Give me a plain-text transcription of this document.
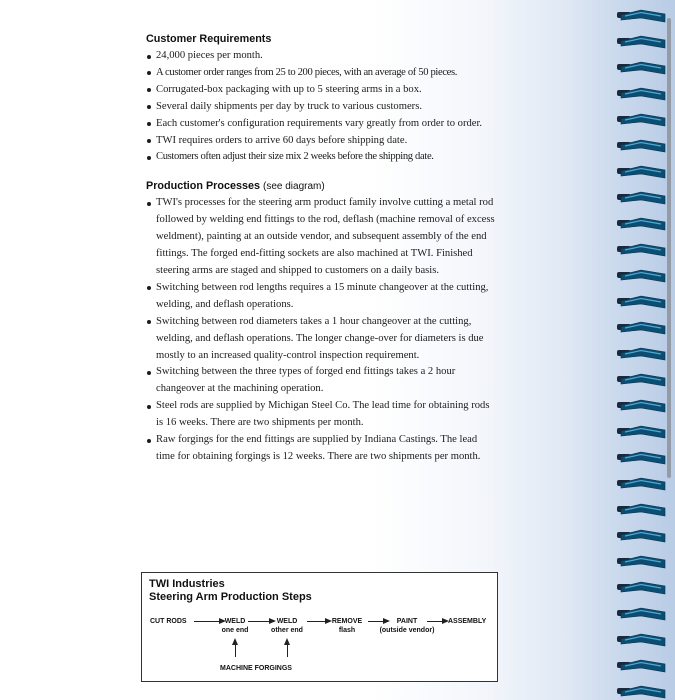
Customer Requirements
24,000 pieces per month.
A customer order ranges from 25 to 200 pieces, with an average of 50 pieces.
Corrugated-box packaging with up to 5 steering arms in a box.
Several daily shipments per day by truck to various customers.
Each customer's configuration requirements vary greatly from order to order.
TWI requires orders to arrive 60 days before shipping date.
Customers often adjust their size mix 2 weeks before the shipping date.
Production Processes (see diagram)
TWI's processes for the steering arm product family involve cutting a metal rod followed by welding end fittings to the rod, deflash (machine removal of excess weldment), painting at an outside vendor, and subsequent assembly of the end fittings. The forged end-fitting sockets are also machined at TWI. Finished steering arms are staged and shipped to customers on a daily basis.
Switching between rod lengths requires a 15 minute changeover at the cutting, welding, and deflash operations.
Switching between rod diameters takes a 1 hour changeover at the cutting, welding, and deflash operations. The longer change-over for diameters is due mostly to an increased quality-control inspection requirement.
Switching between the three types of forged end fittings takes a 2 hour changeover at the machining operation.
Steel rods are supplied by Michigan Steel Co. The lead time for obtaining rods is 16 weeks. There are two shipments per month.
Raw forgings for the end fittings are supplied by Indiana Castings. The lead time for obtaining forgings is 12 weeks. There are two shipments per month.
TWI Industries
Steering Arm Production Steps
CUT RODS	WELD
one end
WELD
other end
REMOVE
flash
PAINT
(outside vendor)
ASSEMBLY
MACHINE FORGINGS
